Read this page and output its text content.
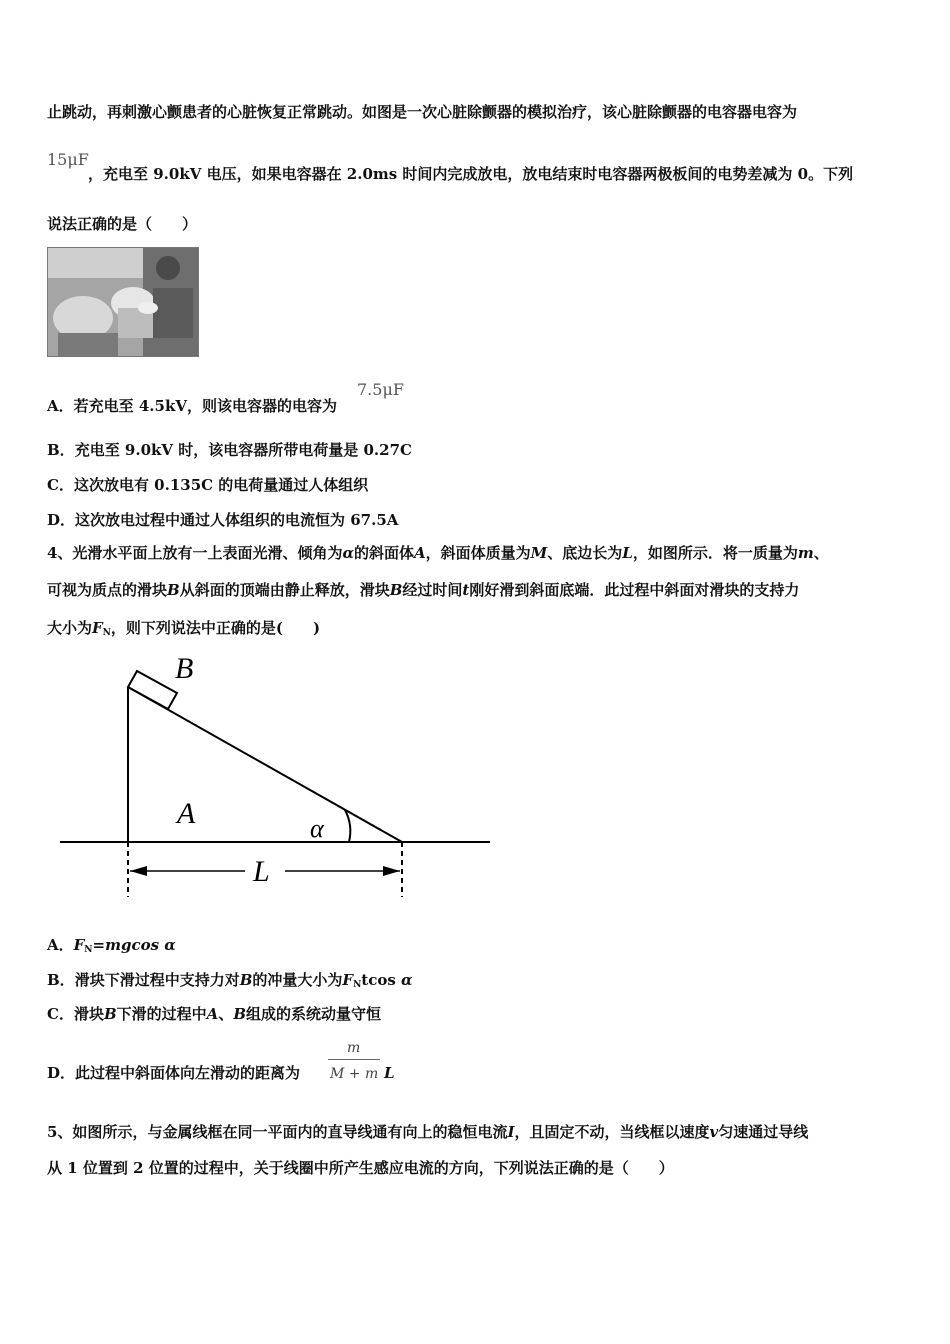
止跳动，再刺激心颤患者的心脏恢复正常跳动。如图是一次心脏除颤器的模拟治疗，该心脏除颤器的电容器电容为
15μF
，充电至 9.0kV 电压，如果电容器在 2.0ms 时间内完成放电，放电结束时电容器两极板间的电势差减为 0。下列
说法正确的是（　　）
A．若充电至 4.5kV，则该电容器的电容为
7.5μF
B．充电至 9.0kV 时，该电容器所带电荷量是 0.27C
C．这次放电有 0.135C 的电荷量通过人体组织
D．这次放电过程中通过人体组织的电流恒为 67.5A
4、光滑水平面上放有一上表面光滑、倾角为α的斜面体A，斜面体质量为M、底边长为L，如图所示．将一质量为m、
可视为质点的滑块B从斜面的顶端由静止释放，滑块B经过时间t刚好滑到斜面底端．此过程中斜面对滑块的支持力
大小为$F_N$，则下列说法中正确的是(　　)
B
A	α
L
A．$F_N=mgcos$ α
B．滑块下滑过程中支持力对B的冲量大小为$F_Ntcos$ α
C．滑块B下滑的过程中A、B组成的系统动量守恒
D．此过程中斜面体向左滑动的距离为
m
M + m L
5、如图所示，与金属线框在同一平面内的直导线通有向上的稳恒电流I，且固定不动，当线框以速度v匀速通过导线
从 1 位置到 2 位置的过程中，关于线圈中所产生感应电流的方向，下列说法正确的是（　　）
